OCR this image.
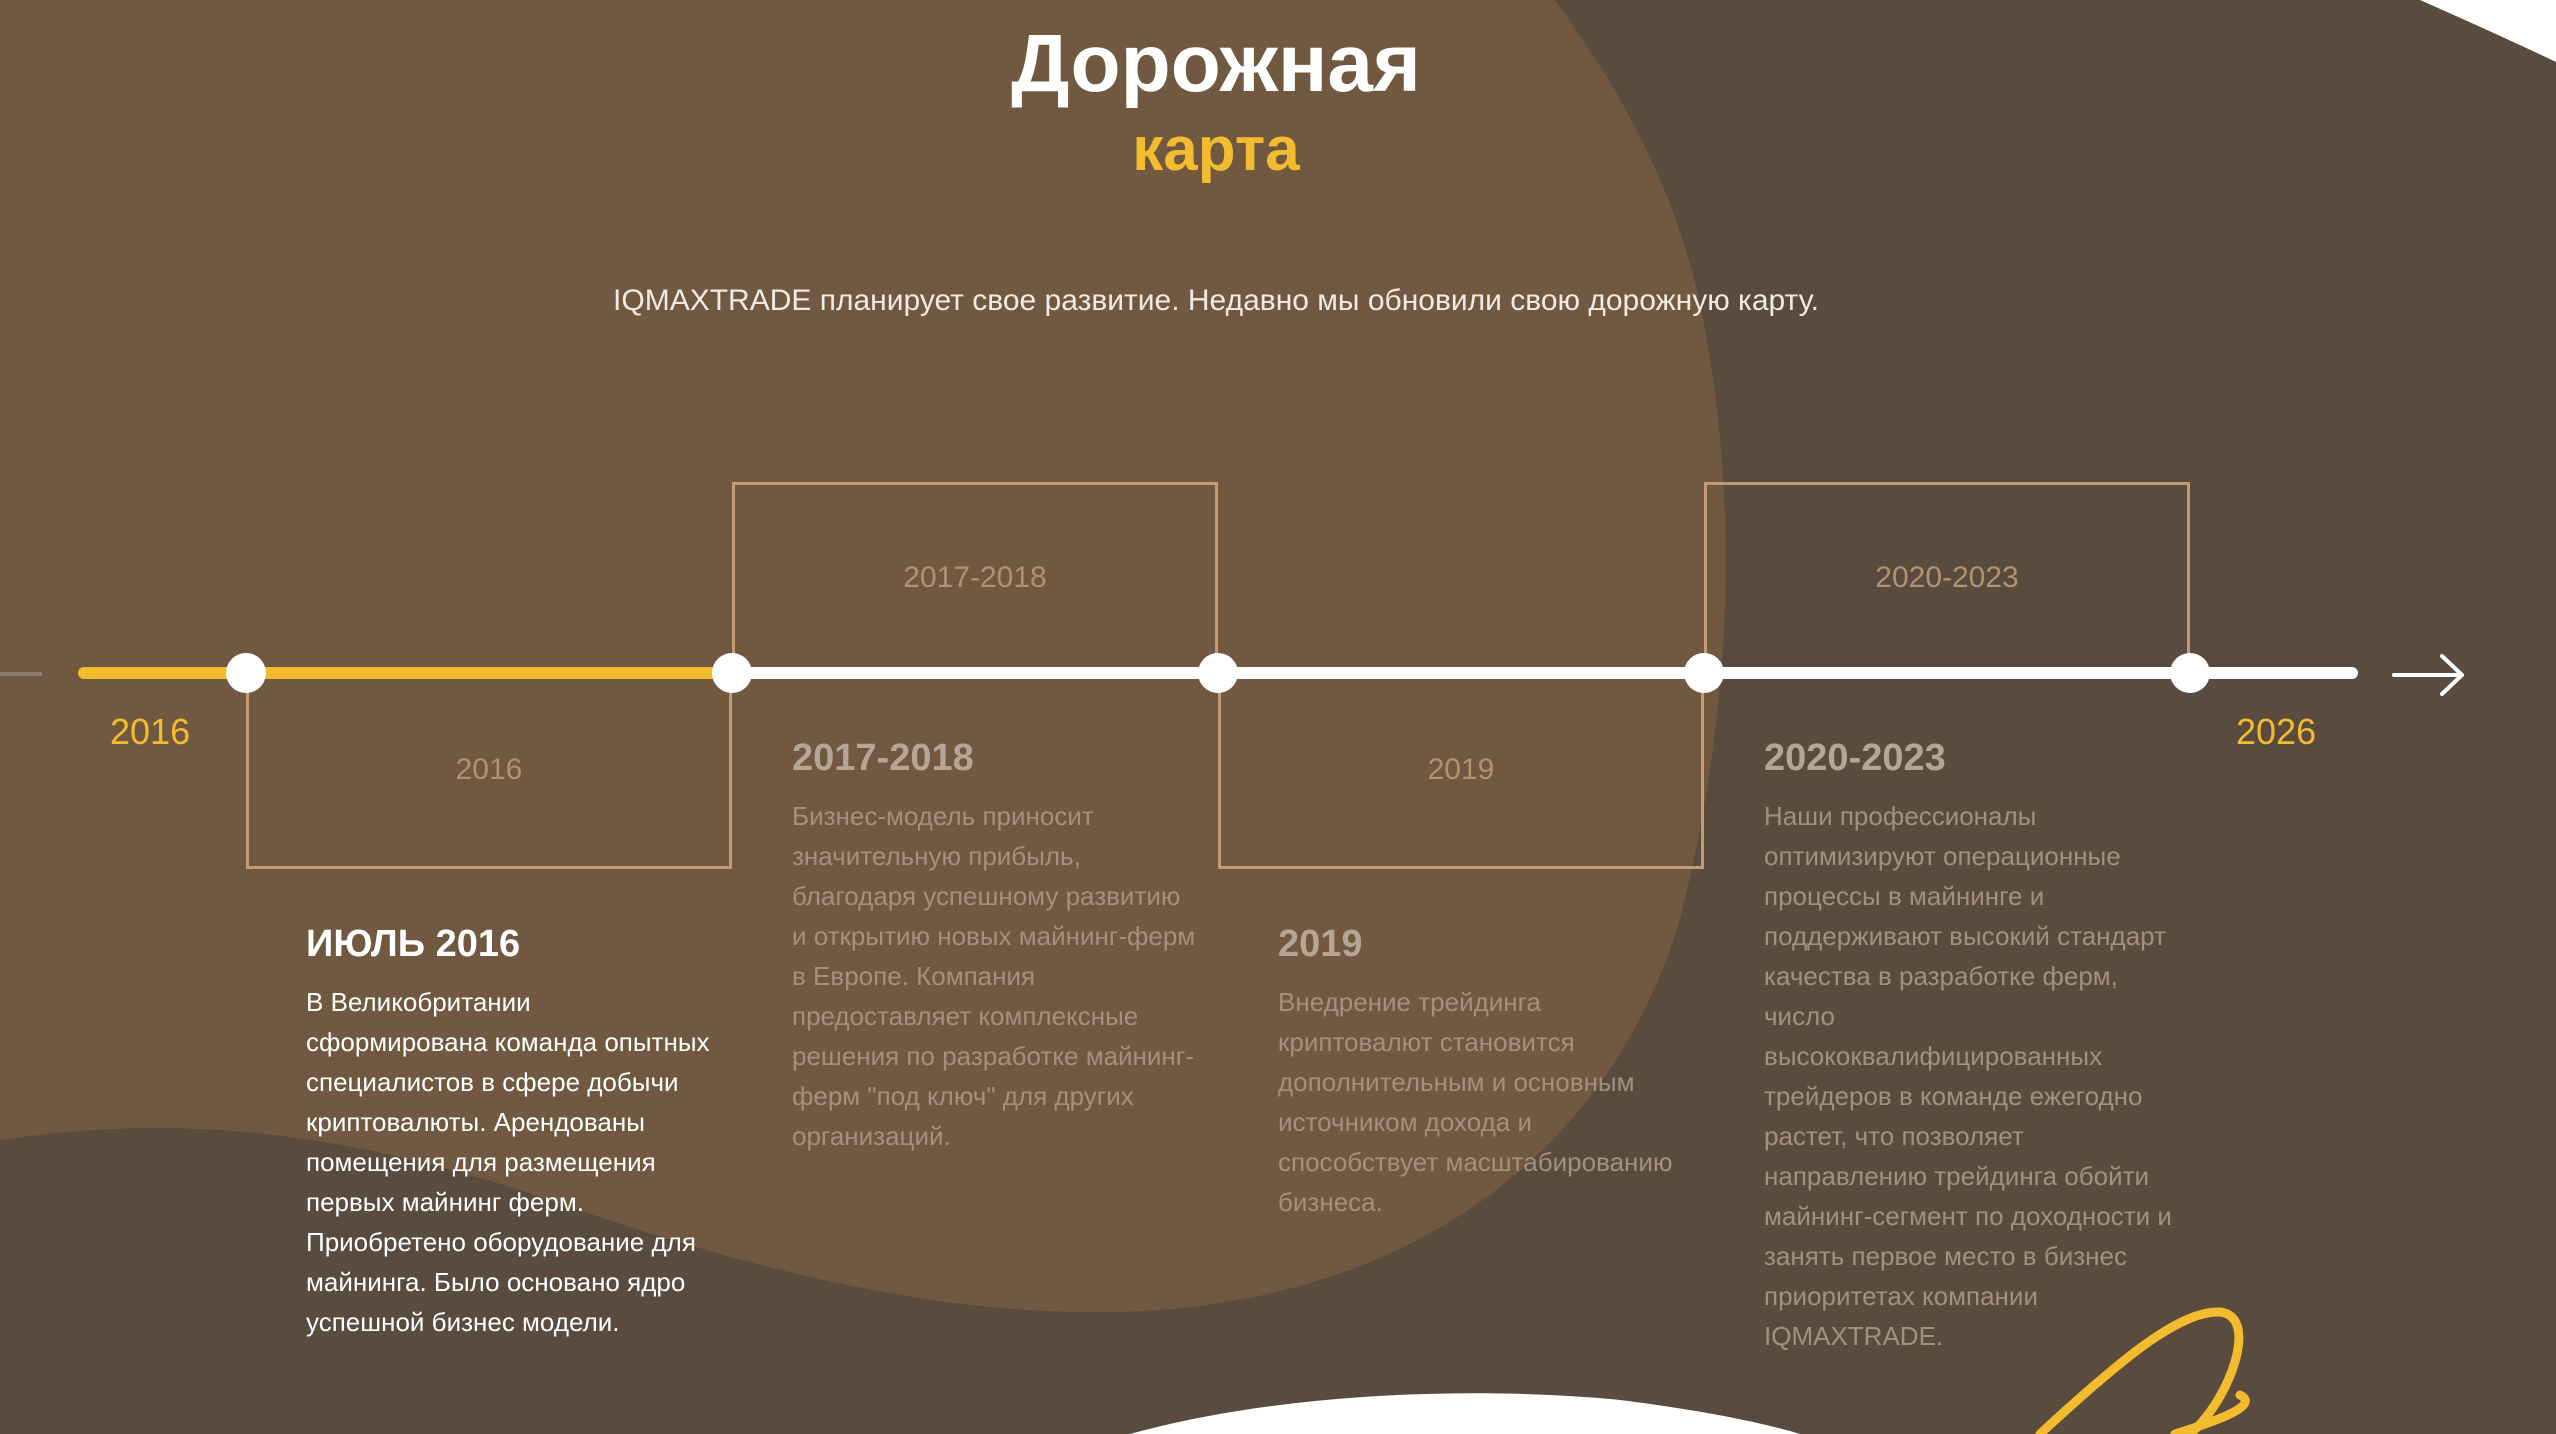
Дорожная
карта
IQMAXTRADE планирует свое развитие. Недавно мы обновили свою дорожную карту.
2016
2017-2018
2019
2020-2023
2016	2026
ИЮЛЬ 2016
В Великобритании сформирована команда опытных специалистов в сфере добычи криптовалюты. Арендованы помещения для размещения первых майнинг ферм. Приобретено оборудование для майнинга. Было основано ядро успешной бизнес модели.
2017-2018
Бизнес-модель приносит значительную прибыль, благодаря успешному развитию и открытию новых майнинг-ферм в Европе. Компания предоставляет комплексные решения по разработке майнинг-ферм "под ключ" для других организаций.
2019
Внедрение трейдинга криптовалют становится дополнительным и основным источником дохода и способствует масштабированию бизнеса.
2020-2023
Наши профессионалы оптимизируют операционные процессы в майнинге и поддерживают высокий стандарт качества в разработке ферм, число высококвалифицированных трейдеров в команде ежегодно растет, что позволяет направлению трейдинга обойти майнинг-сегмент по доходности и занять первое место в бизнес приоритетах компании IQMAXTRADE.
